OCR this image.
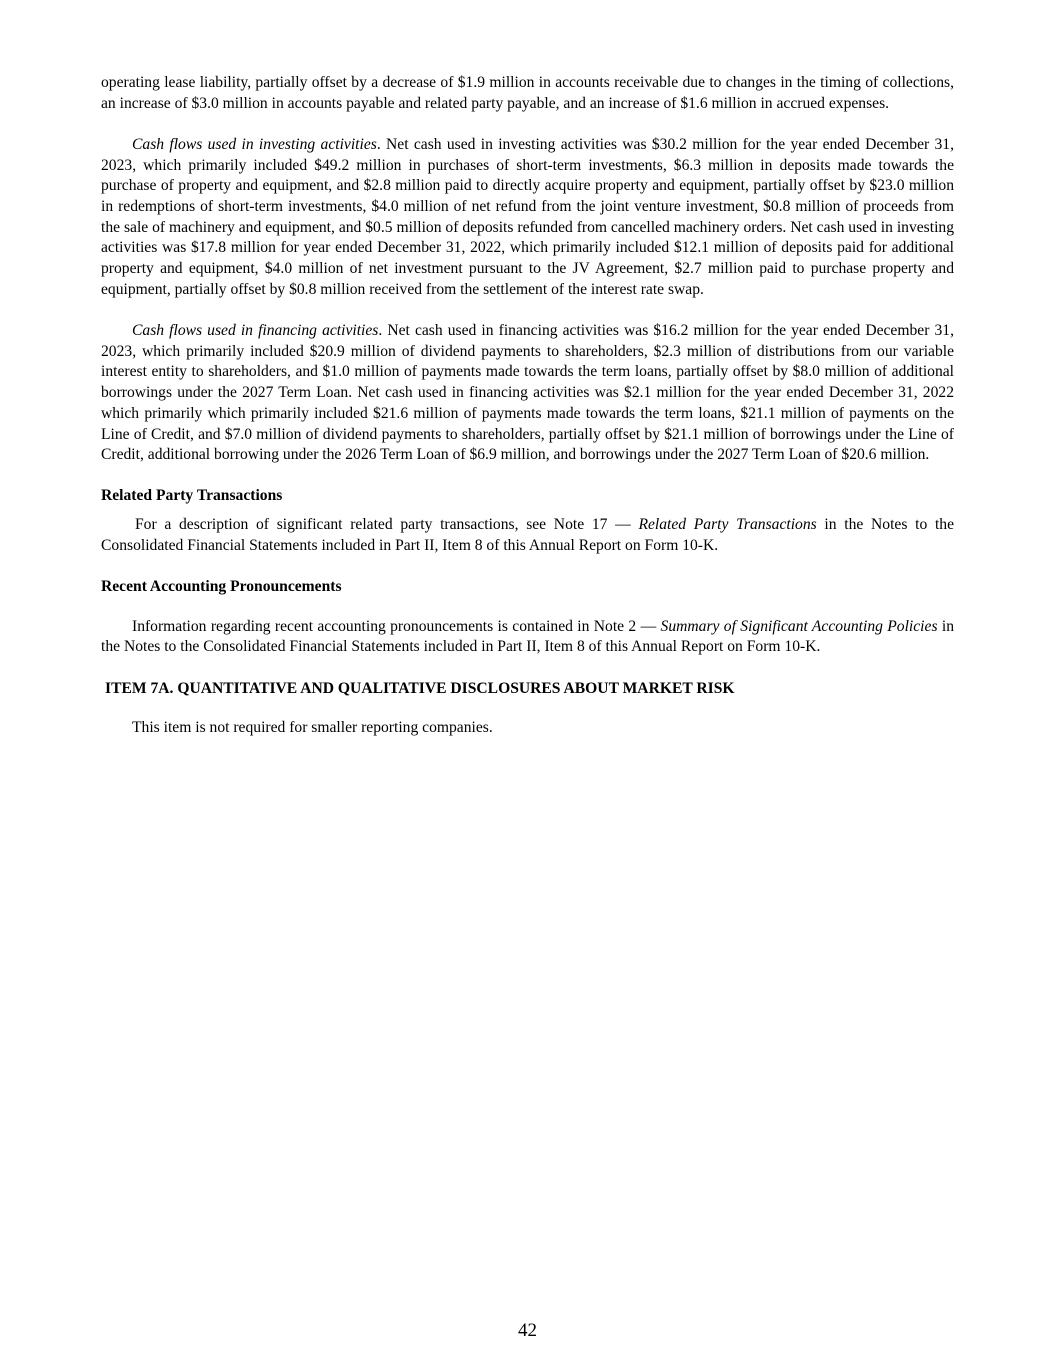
operating lease liability, partially offset by a decrease of $1.9 million in accounts receivable due to changes in the timing of collections, an increase of $3.0 million in accounts payable and related party payable, and an increase of $1.6 million in accrued expenses.

Cash flows used in investing activities. Net cash used in investing activities was $30.2 million for the year ended December 31, 2023, which primarily included $49.2 million in purchases of short-term investments, $6.3 million in deposits made towards the purchase of property and equipment, and $2.8 million paid to directly acquire property and equipment, partially offset by $23.0 million in redemptions of short-term investments, $4.0 million of net refund from the joint venture investment, $0.8 million of proceeds from the sale of machinery and equipment, and $0.5 million of deposits refunded from cancelled machinery orders. Net cash used in investing activities was $17.8 million for year ended December 31, 2022, which primarily included $12.1 million of deposits paid for additional property and equipment, $4.0 million of net investment pursuant to the JV Agreement, $2.7 million paid to purchase property and equipment, partially offset by $0.8 million received from the settlement of the interest rate swap.

Cash flows used in financing activities. Net cash used in financing activities was $16.2 million for the year ended December 31, 2023, which primarily included $20.9 million of dividend payments to shareholders, $2.3 million of distributions from our variable interest entity to shareholders, and $1.0 million of payments made towards the term loans, partially offset by $8.0 million of additional borrowings under the 2027 Term Loan. Net cash used in financing activities was $2.1 million for the year ended December 31, 2022 which primarily which primarily included $21.6 million of payments made towards the term loans, $21.1 million of payments on the Line of Credit, and $7.0 million of dividend payments to shareholders, partially offset by $21.1 million of borrowings under the Line of Credit, additional borrowing under the 2026 Term Loan of $6.9 million, and borrowings under the 2027 Term Loan of $20.6 million.

Related Party Transactions

For a description of significant related party transactions, see Note 17 — Related Party Transactions in the Notes to the Consolidated Financial Statements included in Part II, Item 8 of this Annual Report on Form 10-K.

Recent Accounting Pronouncements

Information regarding recent accounting pronouncements is contained in Note 2 — Summary of Significant Accounting Policies in the Notes to the Consolidated Financial Statements included in Part II, Item 8 of this Annual Report on Form 10-K.

ITEM 7A. QUANTITATIVE AND QUALITATIVE DISCLOSURES ABOUT MARKET RISK

This item is not required for smaller reporting companies.

42
